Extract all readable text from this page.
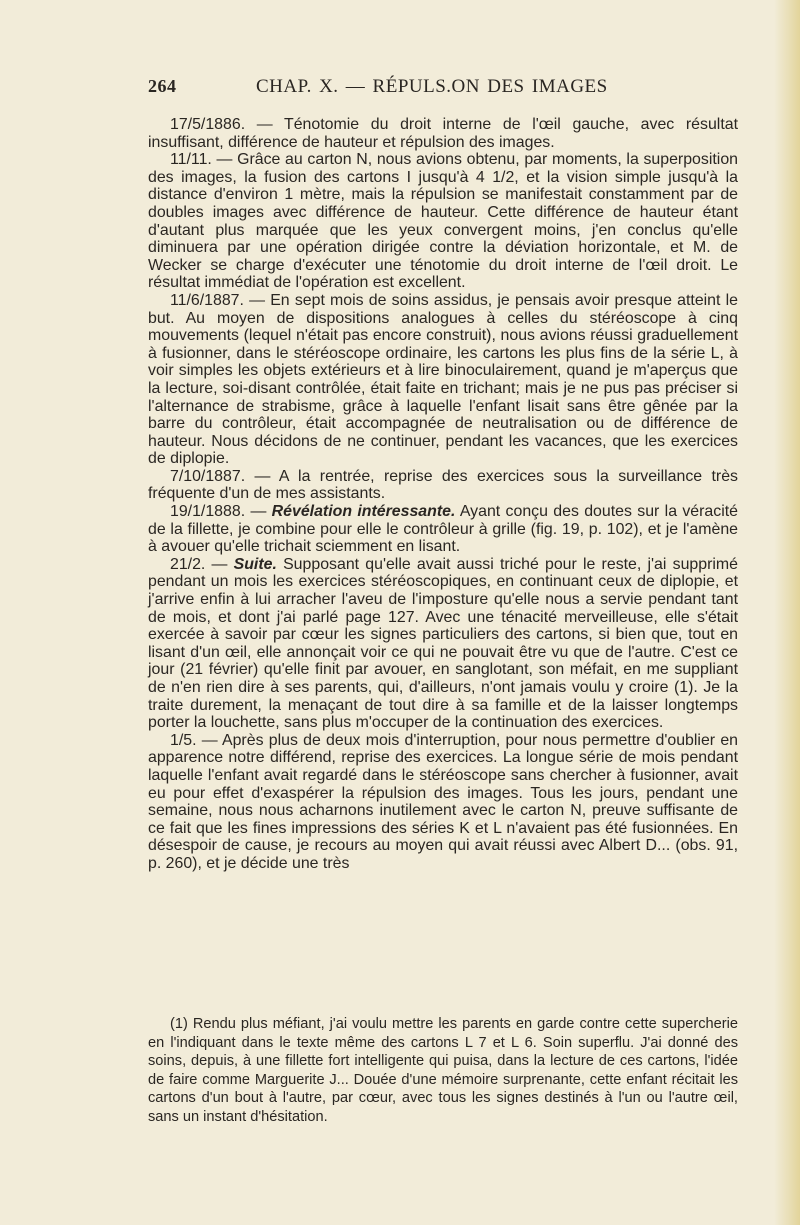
264	CHAP. X. — RÉPULS.ON DES IMAGES

17/5/1886. — Ténotomie du droit interne de l'œil gauche, avec résultat insuffisant, différence de hauteur et répulsion des images.

11/11. — Grâce au carton N, nous avions obtenu, par moments, la superposition des images, la fusion des cartons I jusqu'à 4 1/2, et la vision simple jusqu'à la distance d'environ 1 mètre, mais la répulsion se manifestait constamment par de doubles images avec différence de hauteur. Cette différence de hauteur étant d'autant plus marquée que les yeux convergent moins, j'en conclus qu'elle diminuera par une opération dirigée contre la déviation horizontale, et M. de Wecker se charge d'exécuter une ténotomie du droit interne de l'œil droit. Le résultat immédiat de l'opération est excellent.

11/6/1887. — En sept mois de soins assidus, je pensais avoir presque atteint le but. Au moyen de dispositions analogues à celles du stéréoscope à cinq mouvements (lequel n'était pas encore construit), nous avions réussi graduellement à fusionner, dans le stéréoscope ordinaire, les cartons les plus fins de la série L, à voir simples les objets extérieurs et à lire binoculairement, quand je m'aperçus que la lecture, soi-disant contrôlée, était faite en trichant; mais je ne pus pas préciser si l'alternance de strabisme, grâce à laquelle l'enfant lisait sans être gênée par la barre du contrôleur, était accompagnée de neutralisation ou de différence de hauteur. Nous décidons de ne continuer, pendant les vacances, que les exercices de diplopie.

7/10/1887. — A la rentrée, reprise des exercices sous la surveillance très fréquente d'un de mes assistants.

19/1/1888. — Révélation intéressante. Ayant conçu des doutes sur la véracité de la fillette, je combine pour elle le contrôleur à grille (fig. 19, p. 102), et je l'amène à avouer qu'elle trichait sciemment en lisant.

21/2. — Suite. Supposant qu'elle avait aussi triché pour le reste, j'ai supprimé pendant un mois les exercices stéréoscopiques, en continuant ceux de diplopie, et j'arrive enfin à lui arracher l'aveu de l'imposture qu'elle nous a servie pendant tant de mois, et dont j'ai parlé page 127. Avec une ténacité merveilleuse, elle s'était exercée à savoir par cœur les signes particuliers des cartons, si bien que, tout en lisant d'un œil, elle annonçait voir ce qui ne pouvait être vu que de l'autre. C'est ce jour (21 février) qu'elle finit par avouer, en sanglotant, son méfait, en me suppliant de n'en rien dire à ses parents, qui, d'ailleurs, n'ont jamais voulu y croire (1). Je la traite durement, la menaçant de tout dire à sa famille et de la laisser longtemps porter la louchette, sans plus m'occuper de la continuation des exercices.

1/5. — Après plus de deux mois d'interruption, pour nous permettre d'oublier en apparence notre différend, reprise des exercices. La longue série de mois pendant laquelle l'enfant avait regardé dans le stéréoscope sans chercher à fusionner, avait eu pour effet d'exaspérer la répulsion des images. Tous les jours, pendant une semaine, nous nous acharnons inutilement avec le carton N, preuve suffisante de ce fait que les fines impressions des séries K et L n'avaient pas été fusionnées. En désespoir de cause, je recours au moyen qui avait réussi avec Albert D... (obs. 91, p. 260), et je décide une très

(1) Rendu plus méfiant, j'ai voulu mettre les parents en garde contre cette supercherie en l'indiquant dans le texte même des cartons L 7 et L 6. Soin superflu. J'ai donné des soins, depuis, à une fillette fort intelligente qui puisa, dans la lecture de ces cartons, l'idée de faire comme Marguerite J... Douée d'une mémoire surprenante, cette enfant récitait les cartons d'un bout à l'autre, par cœur, avec tous les signes destinés à l'un ou l'autre œil, sans un instant d'hésitation.
